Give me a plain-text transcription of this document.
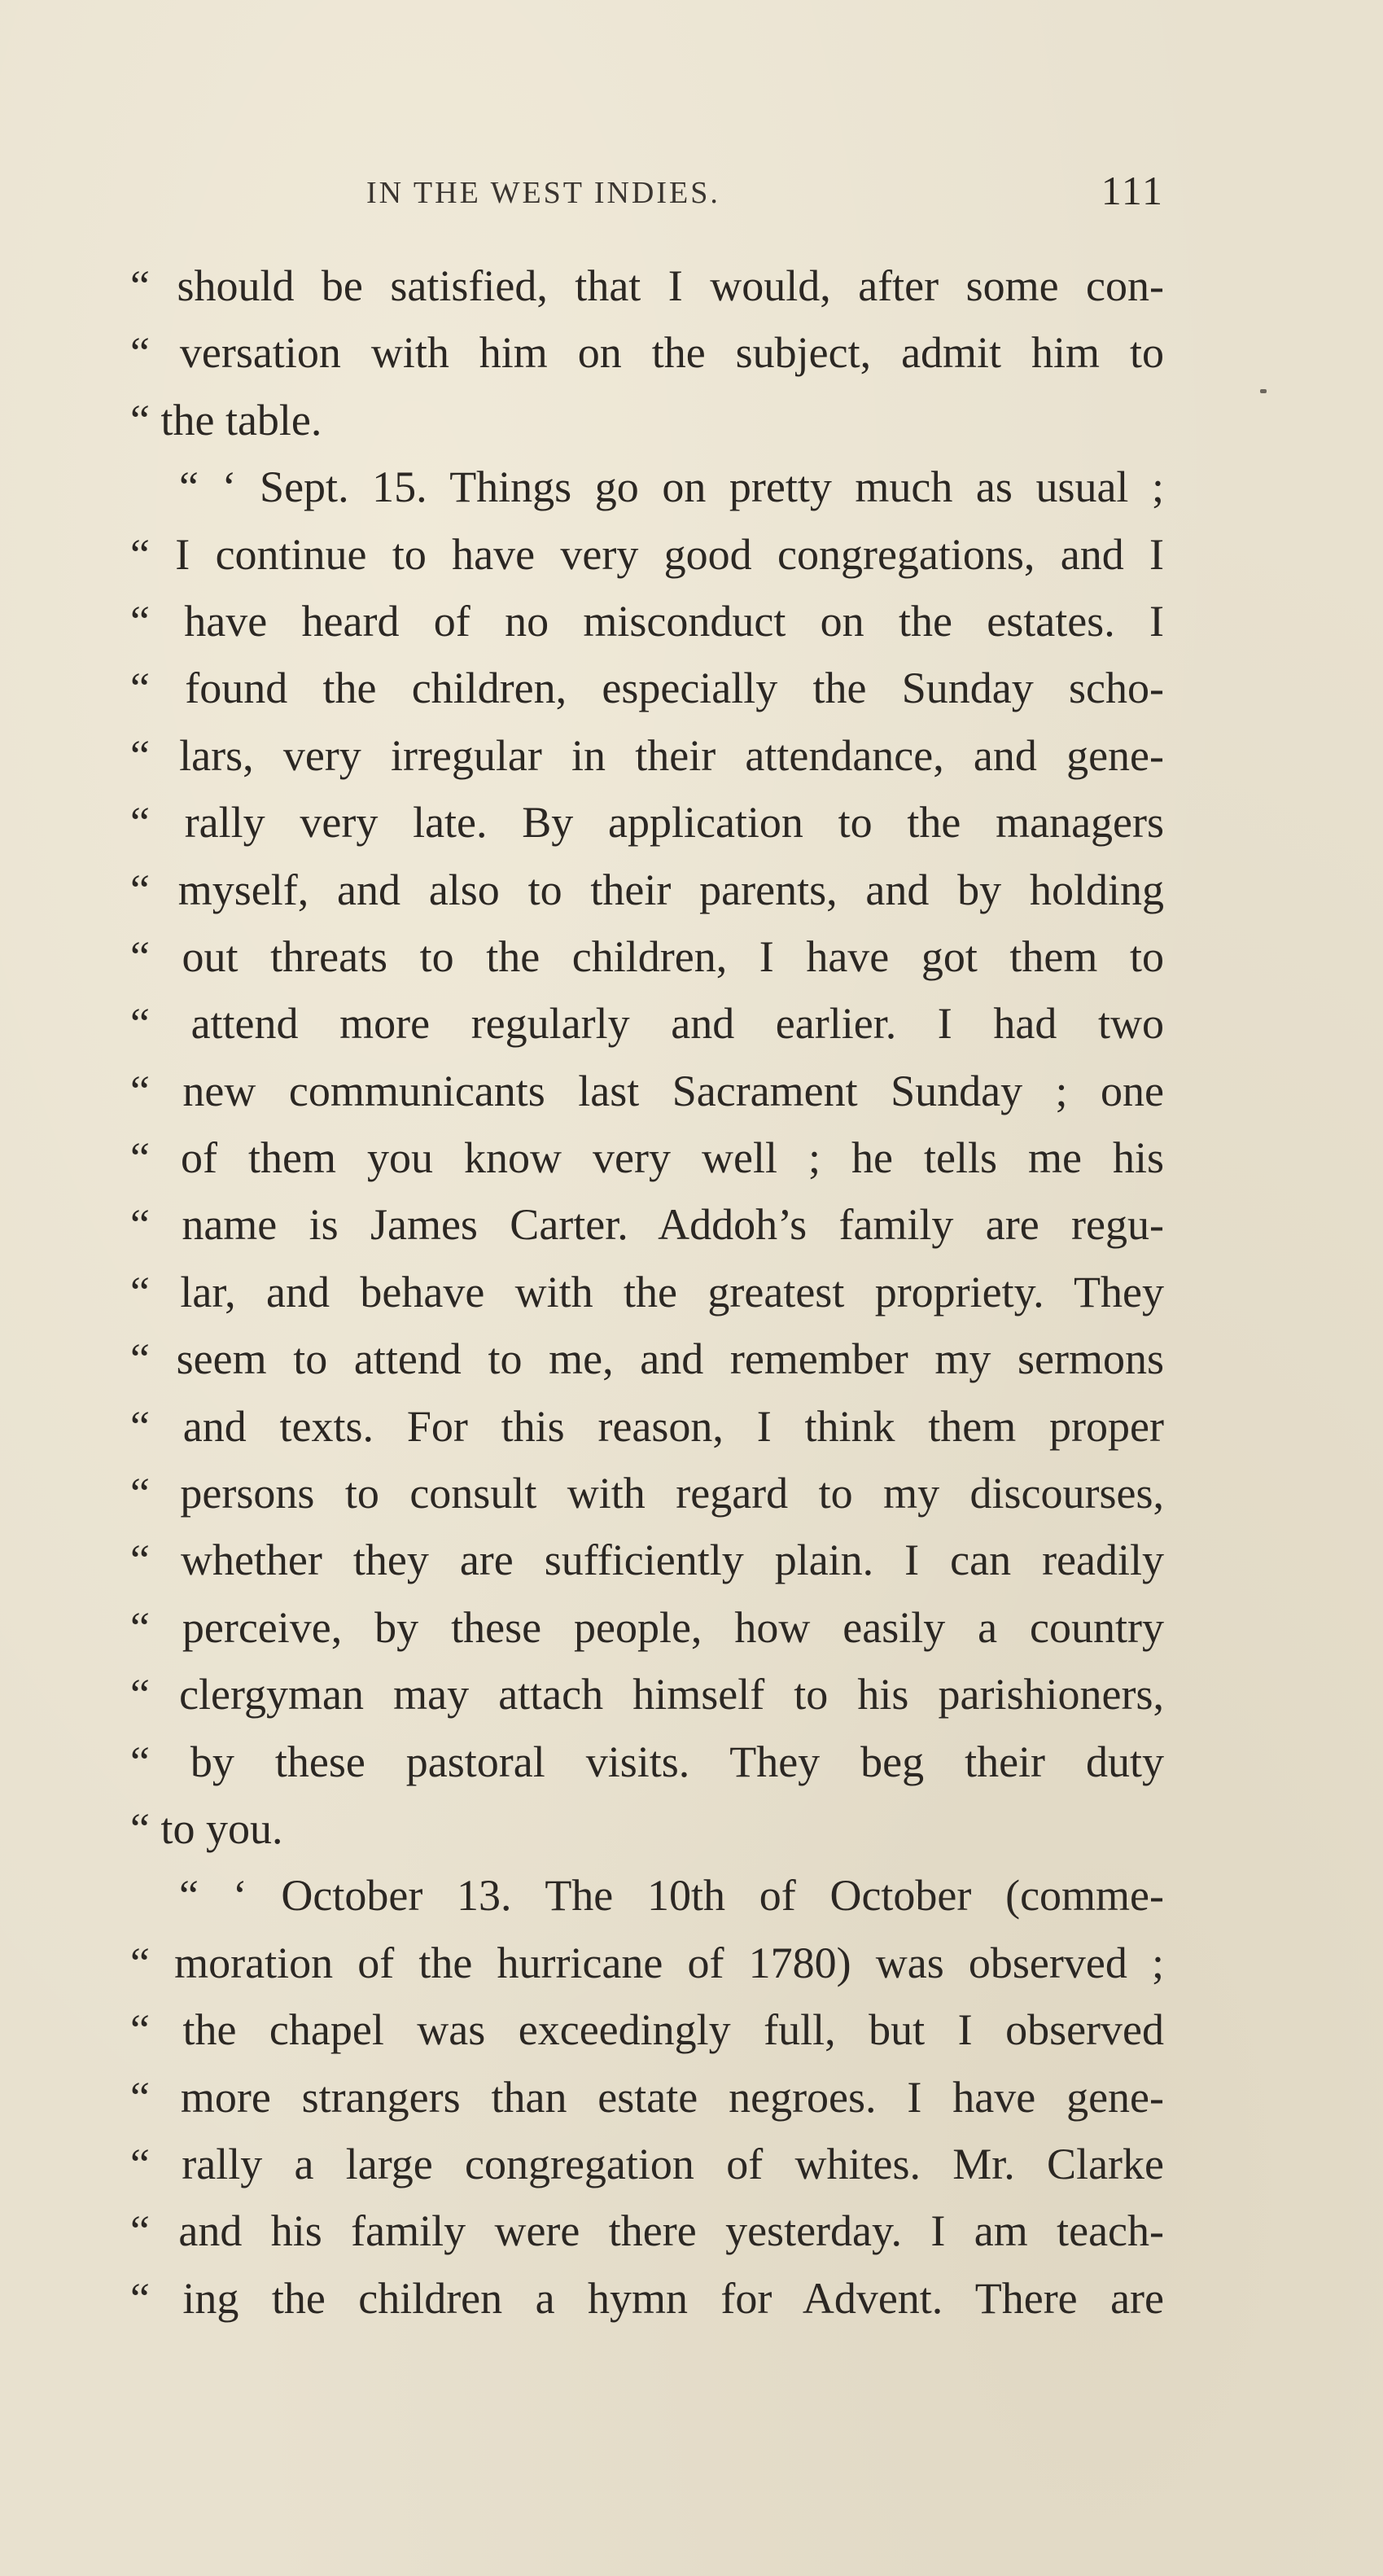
IN THE WEST INDIES.	111
“ should be satisfied, that I would, after some con-
“ versation with him on the subject, admit him to
“ the table.
“ ‘ Sept. 15. Things go on pretty much as usual ;
“ I continue to have very good congregations, and I
“ have heard of no misconduct on the estates. I
“ found the children, especially the Sunday scho-
“ lars, very irregular in their attendance, and gene-
“ rally very late. By application to the managers
“ myself, and also to their parents, and by holding
“ out threats to the children, I have got them to
“ attend more regularly and earlier. I had two
“ new communicants last Sacrament Sunday ; one
“ of them you know very well ; he tells me his
“ name is James Carter. Addoh’s family are regu-
“ lar, and behave with the greatest propriety. They
“ seem to attend to me, and remember my sermons
“ and texts. For this reason, I think them proper
“ persons to consult with regard to my discourses,
“ whether they are sufficiently plain. I can readily
“ perceive, by these people, how easily a country
“ clergyman may attach himself to his parishioners,
“ by these pastoral visits. They beg their duty
“ to you.
“ ‘ October 13. The 10th of October (comme-
“ moration of the hurricane of 1780) was observed ;
“ the chapel was exceedingly full, but I observed
“ more strangers than estate negroes. I have gene-
“ rally a large congregation of whites. Mr. Clarke
“ and his family were there yesterday. I am teach-
“ ing the children a hymn for Advent. There are
